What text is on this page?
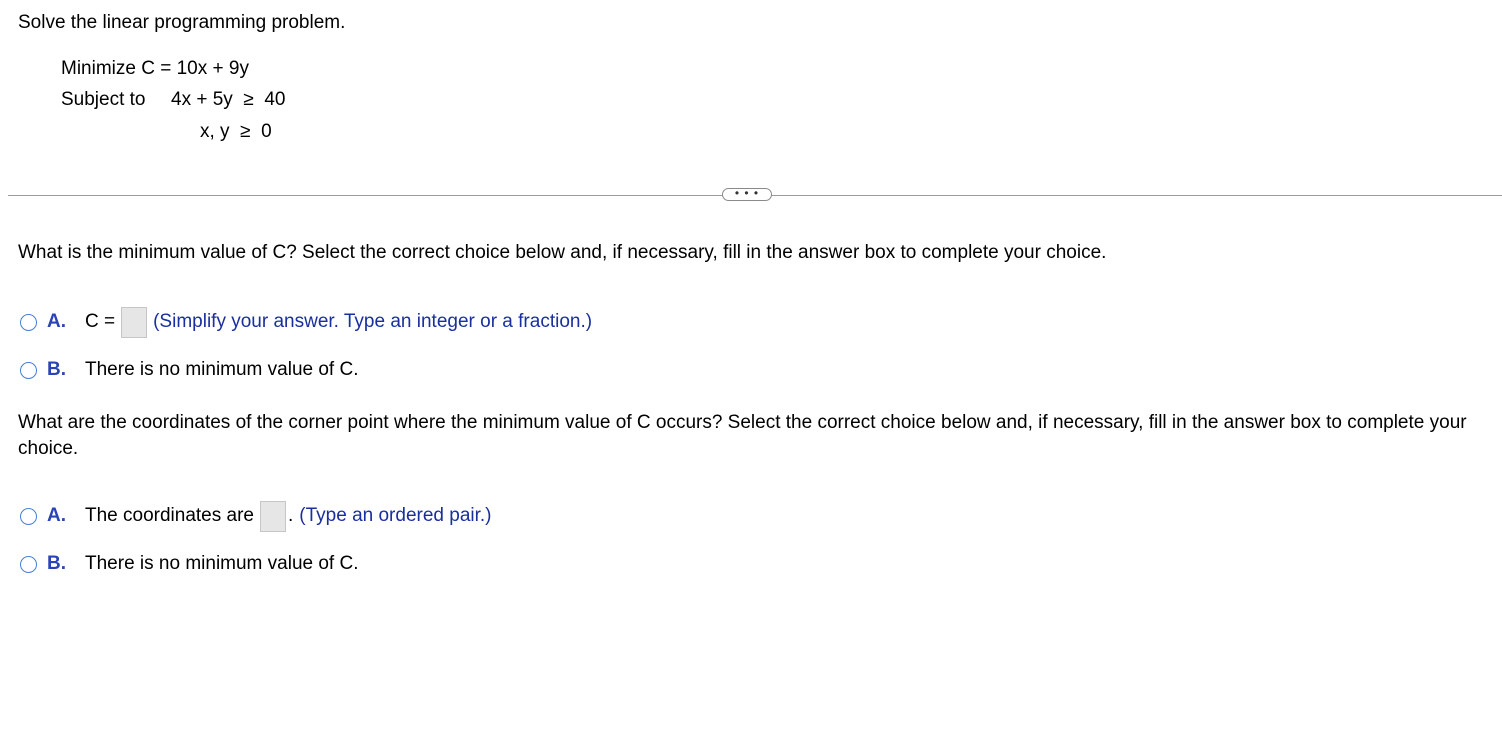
Solve the linear programming problem.
Minimize C = 10x + 9y
Subject to 4x + 5y  ≥  40
x, y  ≥  0
• • •
What is the minimum value of C? Select the correct choice below and, if necessary, fill in the answer box to complete your choice.
A.	C = (Simplify your answer. Type an integer or a fraction.)
B.	There is no minimum value of C.
What are the coordinates of the corner point where the minimum value of C occurs? Select the correct choice below and, if necessary, fill in the answer box to complete your choice.
A.	The coordinates are . (Type an ordered pair.)
B.	There is no minimum value of C.
